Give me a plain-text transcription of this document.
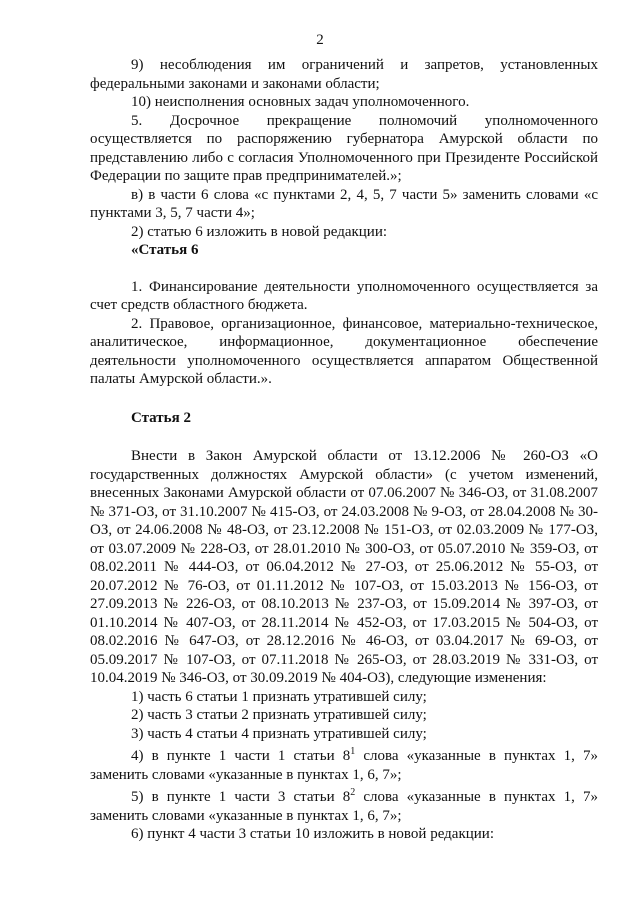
2

9) несоблюдения им ограничений и запретов, установленных федеральными законами и законами области;

10) неисполнения основных задач уполномоченного.

5. Досрочное прекращение полномочий уполномоченного осуществляется по распоряжению губернатора Амурской области по представлению либо с согласия Уполномоченного при Президенте Российской Федерации по защите прав предпринимателей.»;

в) в части 6 слова «с пунктами 2, 4, 5, 7 части 5» заменить словами «с пунктами 3, 5, 7 части 4»;

2) статью 6 изложить в новой редакции:

«Статья 6

1. Финансирование деятельности уполномоченного осуществляется за счет средств областного бюджета.

2. Правовое, организационное, финансовое, материально-техническое, аналитическое, информационное, документационное обеспечение деятельности уполномоченного осуществляется аппаратом Общественной палаты Амурской области.».

Статья 2

Внести в Закон Амурской области от 13.12.2006 № 260-ОЗ «О государственных должностях Амурской области» (с учетом изменений, внесенных Законами Амурской области от 07.06.2007 № 346-ОЗ, от 31.08.2007 № 371-ОЗ, от 31.10.2007 № 415-ОЗ, от 24.03.2008 № 9-ОЗ, от 28.04.2008 № 30-ОЗ, от 24.06.2008 № 48-ОЗ, от 23.12.2008 № 151-ОЗ, от 02.03.2009 № 177-ОЗ, от 03.07.2009 № 228-ОЗ, от 28.01.2010 № 300-ОЗ, от 05.07.2010 № 359-ОЗ, от 08.02.2011 № 444-ОЗ, от 06.04.2012 № 27-ОЗ, от 25.06.2012 № 55-ОЗ, от 20.07.2012 № 76-ОЗ, от 01.11.2012 № 107-ОЗ, от 15.03.2013 № 156-ОЗ, от 27.09.2013 № 226-ОЗ, от 08.10.2013 № 237-ОЗ, от 15.09.2014 № 397-ОЗ, от 01.10.2014 № 407-ОЗ, от 28.11.2014 № 452-ОЗ, от 17.03.2015 № 504-ОЗ, от 08.02.2016 № 647-ОЗ, от 28.12.2016 № 46-ОЗ, от 03.04.2017 № 69-ОЗ, от 05.09.2017 № 107-ОЗ, от 07.11.2018 № 265-ОЗ, от 28.03.2019 № 331-ОЗ, от 10.04.2019 № 346-ОЗ, от 30.09.2019 № 404-ОЗ), следующие изменения:

1) часть 6 статьи 1 признать утратившей силу;

2) часть 3 статьи 2 признать утратившей силу;

3) часть 4 статьи 4 признать утратившей силу;

4) в пункте 1 части 1 статьи $8^1$ слова «указанные в пунктах 1, 7» заменить словами «указанные в пунктах 1, 6, 7»;

5) в пункте 1 части 3 статьи $8^2$ слова «указанные в пунктах 1, 7» заменить словами «указанные в пунктах 1, 6, 7»;

6) пункт 4 части 3 статьи 10 изложить в новой редакции:
